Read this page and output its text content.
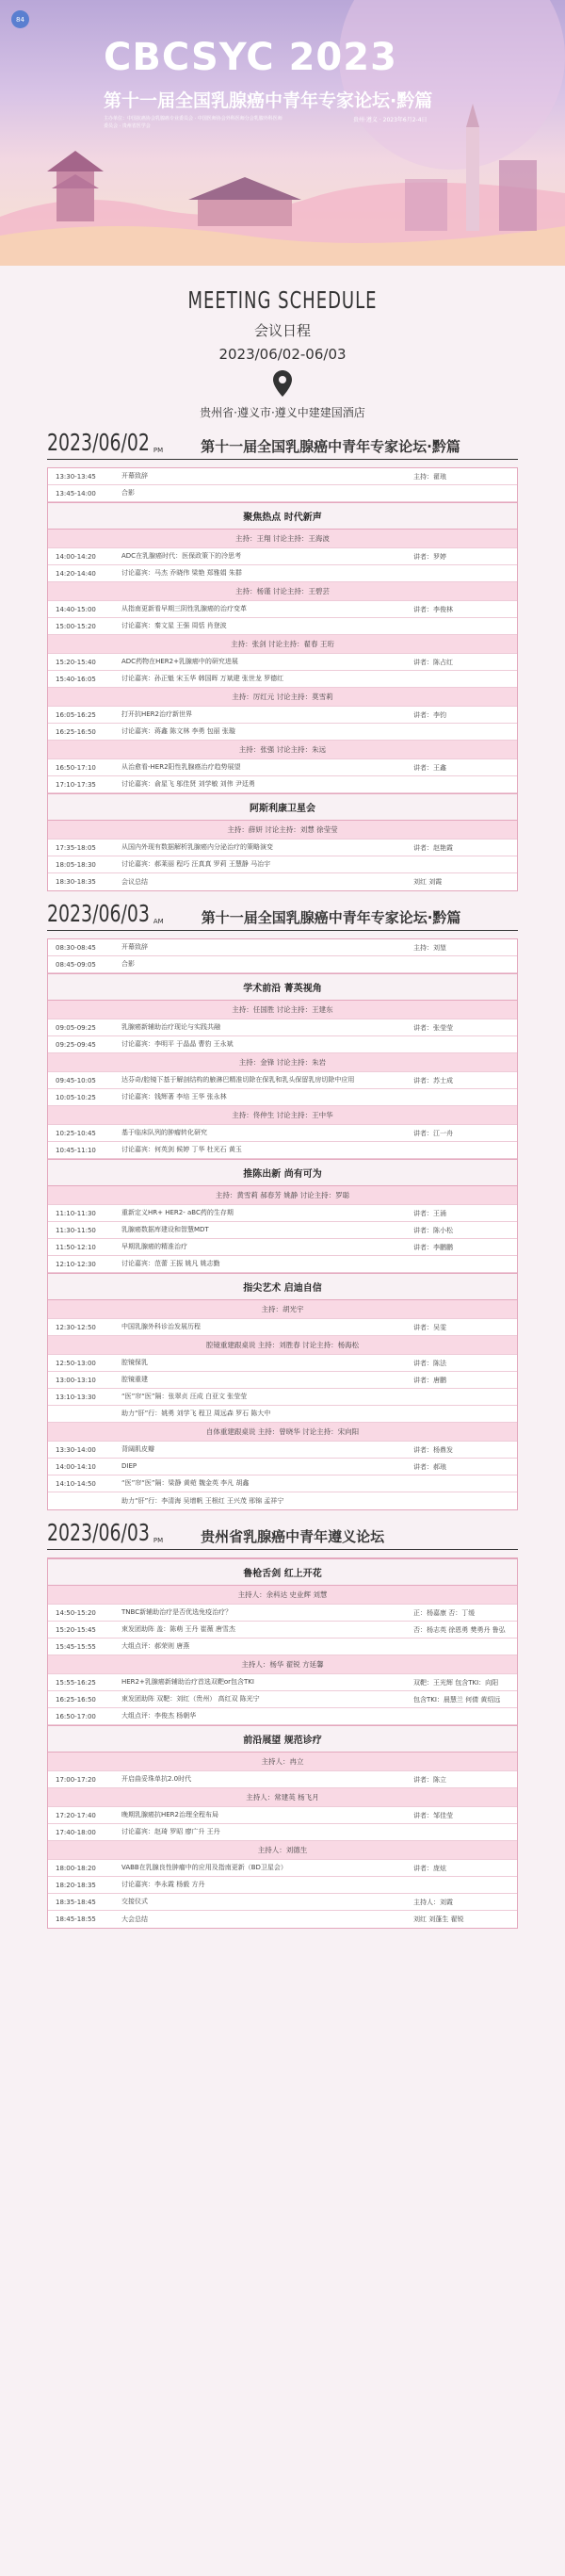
84
CBCSYC 2023
第十一届全国乳腺癌中青年专家论坛·黔篇
主办单位：中国抗癌协会乳腺癌专业委员会 · 中国医师协会外科医师分会乳腺外科医师委员会 · 贵州省医学会
贵州·遵义 · 2023年6月2-4日
MEETING SCHEDULE
会议日程
2023/06/02-06/03
贵州省·遵义市·遵义中建建国酒店
2023/06/02 PM	第十一届全国乳腺癌中青年专家论坛·黔篇
13:30-13:45	开幕致辞	主持：翟琅
13:45-14:00	合影
聚焦热点 时代新声
主持：王翔 讨论主持：王海波
14:00-14:20	ADC在乳腺癌时代：医保政策下的冷思考	讲者：罗婷
14:20-14:40	讨论嘉宾：马杰 乔晓伟 梁艳 郑雅娟 朱群
主持：杨谨 讨论主持：王碧芸
14:40-15:00	从指南更新看早期三阴性乳腺癌的治疗变革	讲者：李俊林
15:00-15:20	讨论嘉宾：秦文星 王强 周恬 肖登波
主持：张剑 讨论主持：翟春 王珩
15:20-15:40	ADC药物在HER2+乳腺癌中的研究进展	讲者：陈占红
15:40-16:05	讨论嘉宾：孙正魁 宋玉华 韩国晖 万斌建 张世龙 罗德红
主持：厉红元 讨论主持：莫雪莉
16:05-16:25	打开抗HER2治疗新世界	讲者：李钧
16:25-16:50	讨论嘉宾：蒋鑫 陈文林 李勇 包丽 张璇
主持：张强 讨论主持：朱远
16:50-17:10	从治愈看-HER2阳性乳腺癌治疗趋势展望	讲者：王鑫
17:10-17:35	讨论嘉宾：俞星飞 邬佳贤 刘学敏 刘伟 尹廷勇
阿斯利康卫星会
主持：薛妍 讨论主持：刘慧 徐莹莹
17:35-18:05	从国内外现有数据解析乳腺癌内分泌治疗的策略演变	讲者：赵艳霞
18:05-18:30	讨论嘉宾：郝莱丽 程巧 汪真真 罗莉 王慧静 马冶宇
18:30-18:35	会议总结	刘红 刘霞
2023/06/03 AM	第十一届全国乳腺癌中青年专家论坛·黔篇
08:30-08:45	开幕致辞	主持：刘堃
08:45-09:05	合影
学术前沿 菁英视角
主持：任国胜 讨论主持：王建东
09:05-09:25	乳腺癌新辅助治疗现论与实践共融	讲者：张莹莹
09:25-09:45	讨论嘉宾：李明平 于晶晶 曹豹 王永斌
主持：金锋 讨论主持：朱岩
09:45-10:05	达芬奇/腔镜下基于解剖结构的腋淋巴精准切除在保乳和乳头保留乳房切除中应用	讲者：苏士成
10:05-10:25	讨论嘉宾：钱辉著 李培 王华 张永林
主持：佟仲生 讨论主持：王中华
10:25-10:45	基于临床队列的肿瘤转化研究	讲者：江一舟
10:45-11:10	讨论嘉宾：何英剑 候婷 丁华 杜光石 黄玉
推陈出新 尚有可为
主持：黄雪莉 郝春芳 姚静 讨论主持：罗聪
11:10-11:30	重新定义HR+ HER2- aBC药的生存期	讲者：王涌
11:30-11:50	乳腺癌数据库建设和智慧MDT	讲者：陈小松
11:50-12:10	早期乳腺癌的精准治疗	讲者：李鹏鹏
12:10-12:30	讨论嘉宾：范蕾 王振 姚凡 姚志勤
指尖艺术 启迪自信
主持：胡光宇
12:30-12:50	中国乳腺外科诊治发展历程	讲者：吴雯
腔镜重建跟桌说 主持：刘胜春 讨论主持：杨海松
12:50-13:00	腔镜保乳	讲者：陈法
13:00-13:10	腔镜重建	讲者：唐鹏
13:10-13:30	“医”帘“医”隔：张翠贞 汪成 白亚文 张莹莹
助力“肝”行：姚勇 刘学飞 程卫 周远森 罗石 陈大中
自体重建跟桌说 主持：曾晓华 讨论主持：宋向阳
13:30-14:00	背阔肌皮瓣	讲者：杨鼎发
14:00-14:10	DIEP	讲者：郝琅
14:10-14:50	“医”帘“医”隔：梁静 黄菀 魏金英 李凡 胡鑫
助力“肝”行：李清海 吴增帆 王根红 王兴茂 邢锦 孟祥宁
2023/06/03 PM	贵州省乳腺癌中青年遵义论坛
鲁枪舌剑 红上开花
主持人：余科达 史业辉 刘慧
14:50-15:20	TNBC新辅助治疗是否优选免疫治疗？	正：杨嘉康 否：丁缓
15:20-15:45	束发团助阵 盖：陈萌 王丹 崔薇 唐雪杰	否：杨志英 徐恩勇 樊勇丹 鲁弘
15:45-15:55	大组点评：郝荣则 唐燕
主持人：杨华 翟锐 方延馨
15:55-16:25	HER2+乳腺癌新辅助治疗首选双靶or包含TKI	双靶：王光辉 包含TKI：向阳
16:25-16:50	束发团助阵 双靶：刘红（贵州） 高红双 陈光宁	包含TKI：晨慧兰 何倩 黄绍远
16:50-17:00	大组点评：李俊杰 杨朝华
前沿展望 规范诊疗
主持人：冉立
17:00-17:20	开启曲妥珠单抗2.0时代	讲者：陈立
主持人：常建英 杨飞月
17:20-17:40	晚期乳腺癌抗HER2治理全程布局	讲者：邹佳莹
17:40-18:00	讨论嘉宾：赵琦 罗昭 廖广升 王丹
主持人：刘德生
18:00-18:20	VABB在乳腺良性肿瘤中的应用及指南更新（BD卫星会）	讲者：庞炫
18:20-18:35	讨论嘉宾：李永霞 杨毅 方丹
18:35-18:45	交接仪式	主持人：刘霞
18:45-18:55	大会总结	刘红 刘蓬生 翟锐
